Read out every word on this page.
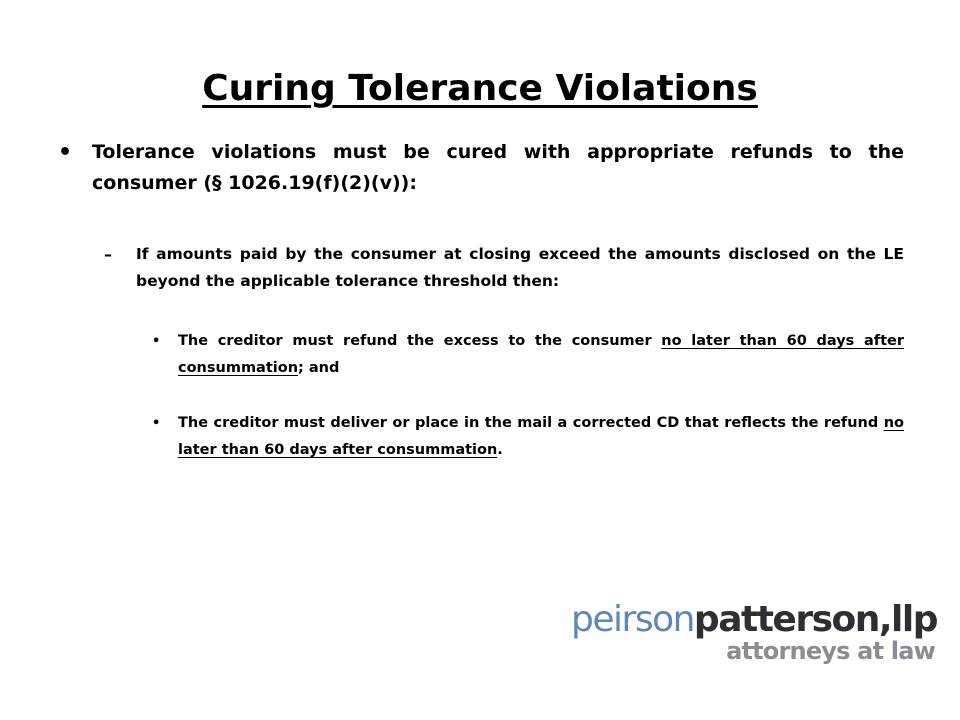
Curing Tolerance Violations
• Tolerance violations must be cured with appropriate refunds to the consumer (§ 1026.19(f)(2)(v)):
– If amounts paid by the consumer at closing exceed the amounts disclosed on the LE beyond the applicable tolerance threshold then:
• The creditor must refund the excess to the consumer no later than 60 days after consummation; and
• The creditor must deliver or place in the mail a corrected CD that reflects the refund no later than 60 days after consummation.
peirsonpatterson,llp
attorneys at law
